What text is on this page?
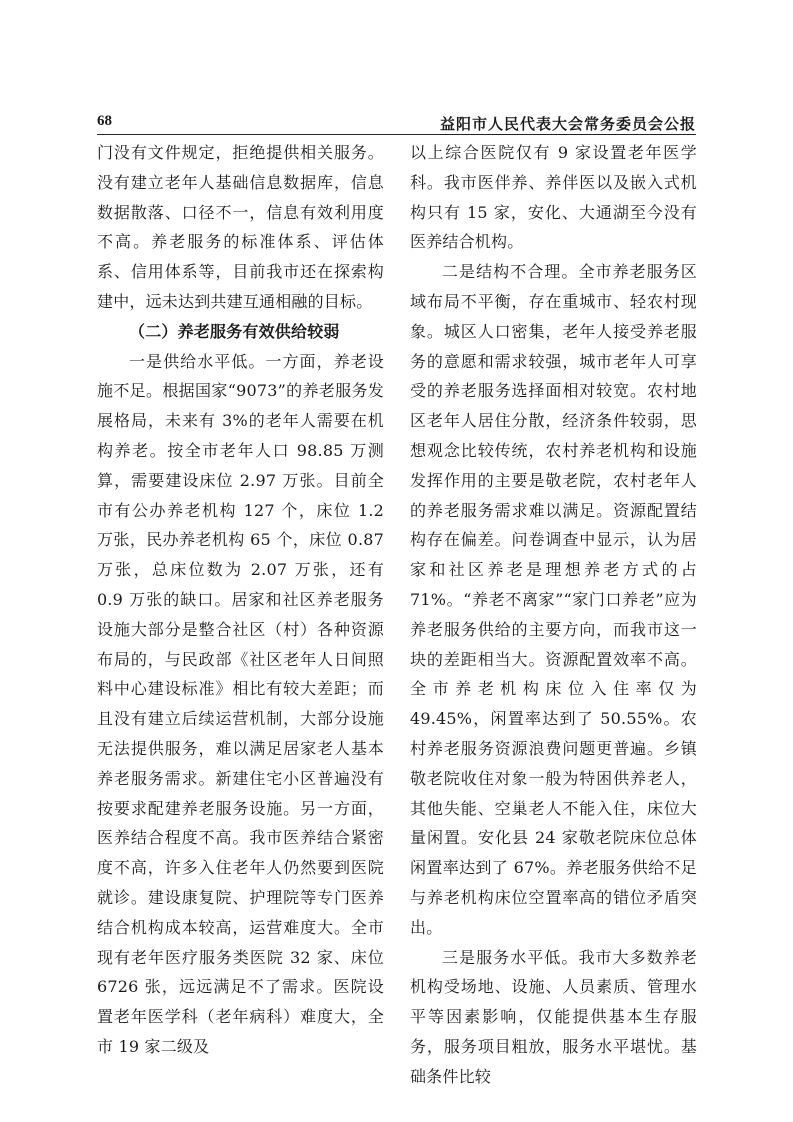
68	益阳市人民代表大会常务委员会公报

门没有文件规定，拒绝提供相关服务。没有建立老年人基础信息数据库，信息数据散落、口径不一，信息有效利用度不高。养老服务的标准体系、评估体系、信用体系等，目前我市还在探索构建中，远未达到共建互通相融的目标。

（二）养老服务有效供给较弱

一是供给水平低。一方面，养老设施不足。根据国家“9073”的养老服务发展格局，未来有 3%的老年人需要在机构养老。按全市老年人口 98.85 万测算，需要建设床位 2.97 万张。目前全市有公办养老机构 127 个，床位 1.2 万张，民办养老机构 65 个，床位 0.87 万张，总床位数为 2.07 万张，还有 0.9 万张的缺口。居家和社区养老服务设施大部分是整合社区（村）各种资源布局的，与民政部《社区老年人日间照料中心建设标准》相比有较大差距；而且没有建立后续运营机制，大部分设施无法提供服务，难以满足居家老人基本养老服务需求。新建住宅小区普遍没有按要求配建养老服务设施。另一方面，医养结合程度不高。我市医养结合紧密度不高，许多入住老年人仍然要到医院就诊。建设康复院、护理院等专门医养结合机构成本较高，运营难度大。全市现有老年医疗服务类医院 32 家、床位 6726 张，远远满足不了需求。医院设置老年医学科（老年病科）难度大，全市 19 家二级及

以上综合医院仅有 9 家设置老年医学科。我市医伴养、养伴医以及嵌入式机构只有 15 家，安化、大通湖至今没有医养结合机构。

二是结构不合理。全市养老服务区域布局不平衡，存在重城市、轻农村现象。城区人口密集，老年人接受养老服务的意愿和需求较强，城市老年人可享受的养老服务选择面相对较宽。农村地区老年人居住分散，经济条件较弱，思想观念比较传统，农村养老机构和设施发挥作用的主要是敬老院，农村老年人的养老服务需求难以满足。资源配置结构存在偏差。问卷调查中显示，认为居家和社区养老是理想养老方式的占 71%。“养老不离家”“家门口养老”应为养老服务供给的主要方向，而我市这一块的差距相当大。资源配置效率不高。全市养老机构床位入住率仅为 49.45%，闲置率达到了 50.55%。农村养老服务资源浪费问题更普遍。乡镇敬老院收住对象一般为特困供养老人，其他失能、空巢老人不能入住，床位大量闲置。安化县 24 家敬老院床位总体闲置率达到了 67%。养老服务供给不足与养老机构床位空置率高的错位矛盾突出。

三是服务水平低。我市大多数养老机构受场地、设施、人员素质、管理水平等因素影响，仅能提供基本生存服务，服务项目粗放，服务水平堪忧。基础条件比较
